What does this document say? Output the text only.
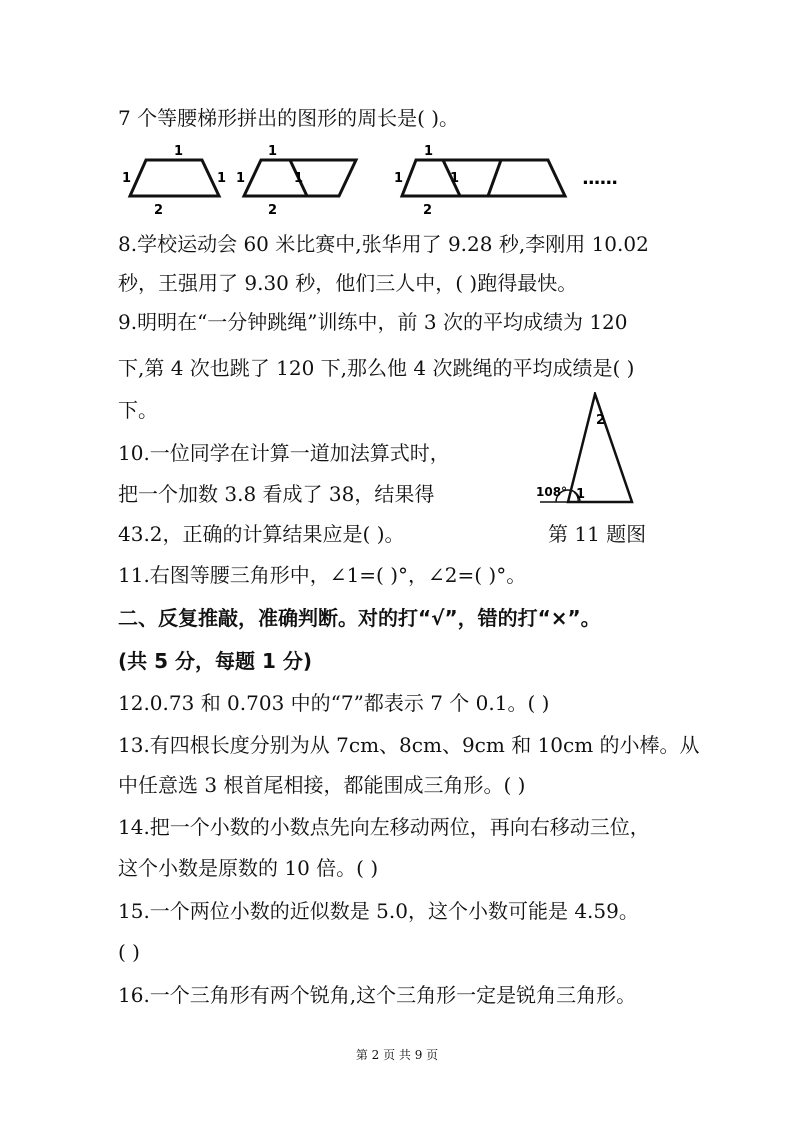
7 个等腰梯形拼出的图形的周长是( )。
2
1
1	1
2
1
1	1
2
1
1	1	......
8.学校运动会 60 米比赛中,张华用了 9.28 秒,李刚用 10.02
秒，王强用了 9.30 秒，他们三人中，( )跑得最快。
9.明明在“一分钟跳绳”训练中，前 3 次的平均成绩为 120
下,第 4 次也跳了 120 下,那么他 4 次跳绳的平均成绩是( )
下。
10.一位同学在计算一道加法算式时，
把一个加数 3.8 看成了 38，结果得
43.2，正确的计算结果应是( )。
2
108° 1
第 11 题图
11.右图等腰三角形中，∠1=( )°，∠2=( )°。
二、反复推敲，准确判断。对的打“√”，错的打“×”。
(共 5 分，每题 1 分)
12.0.73 和 0.703 中的“7”都表示 7 个 0.1。( )
13.有四根长度分别为从 7cm、8cm、9cm 和 10cm 的小棒。从
中任意选 3 根首尾相接，都能围成三角形。( )
14.把一个小数的小数点先向左移动两位，再向右移动三位，
这个小数是原数的 10 倍。( )
15.一个两位小数的近似数是 5.0，这个小数可能是 4.59。
( )
16.一个三角形有两个锐角,这个三角形一定是锐角三角形。
第 2 页 共 9 页
